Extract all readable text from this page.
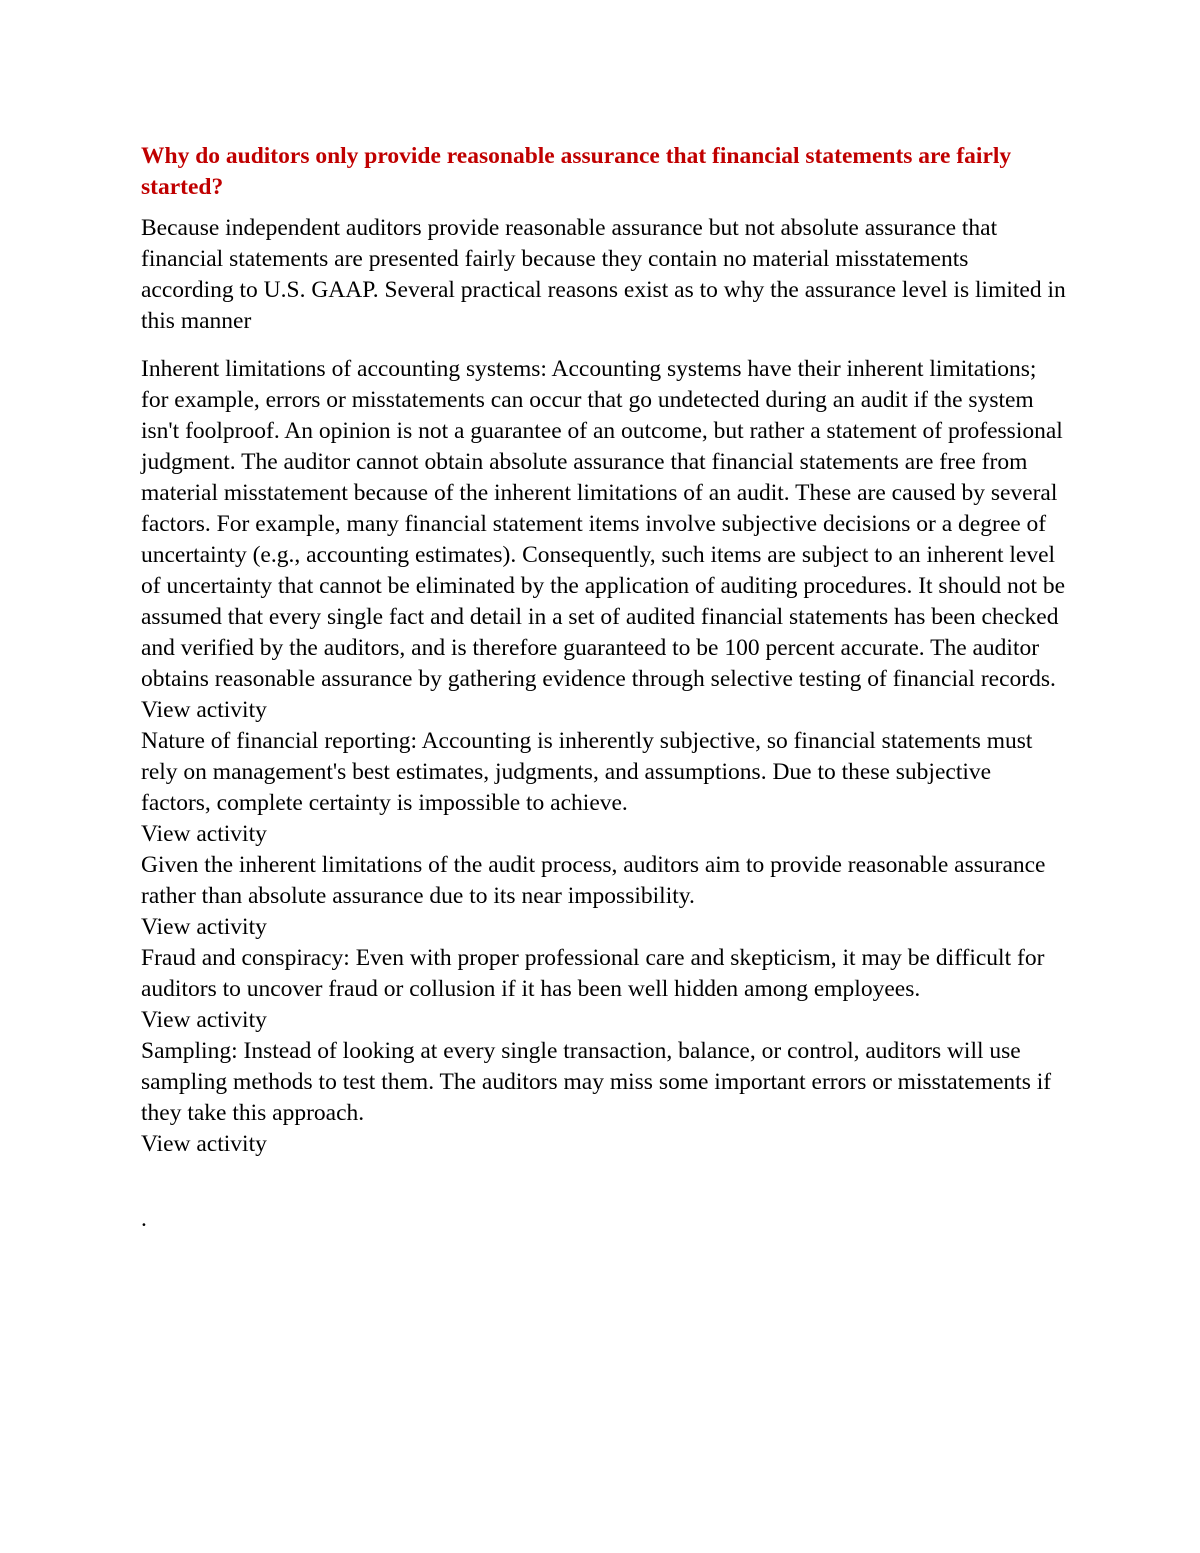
Why do auditors only provide reasonable assurance that financial statements are fairly started?
Because independent auditors provide reasonable assurance but not absolute assurance that financial statements are presented fairly because they contain no material misstatements according to U.S. GAAP. Several practical reasons exist as to why the assurance level is limited in this manner
Inherent limitations of accounting systems: Accounting systems have their inherent limitations; for example, errors or misstatements can occur that go undetected during an audit if the system isn't foolproof. An opinion is not a guarantee of an outcome, but rather a statement of professional judgment. The auditor cannot obtain absolute assurance that financial statements are free from material misstatement because of the inherent limitations of an audit. These are caused by several factors. For example, many financial statement items involve subjective decisions or a degree of uncertainty (e.g., accounting estimates). Consequently, such items are subject to an inherent level of uncertainty that cannot be eliminated by the application of auditing procedures. It should not be assumed that every single fact and detail in a set of audited financial statements has been checked and verified by the auditors, and is therefore guaranteed to be 100 percent accurate. The auditor obtains reasonable assurance by gathering evidence through selective testing of financial records.
View activity
Nature of financial reporting: Accounting is inherently subjective, so financial statements must rely on management's best estimates, judgments, and assumptions. Due to these subjective factors, complete certainty is impossible to achieve.
View activity
Given the inherent limitations of the audit process, auditors aim to provide reasonable assurance rather than absolute assurance due to its near impossibility.
View activity
Fraud and conspiracy: Even with proper professional care and skepticism, it may be difficult for auditors to uncover fraud or collusion if it has been well hidden among employees.
View activity
Sampling: Instead of looking at every single transaction, balance, or control, auditors will use sampling methods to test them. The auditors may miss some important errors or misstatements if they take this approach.
View activity
.
